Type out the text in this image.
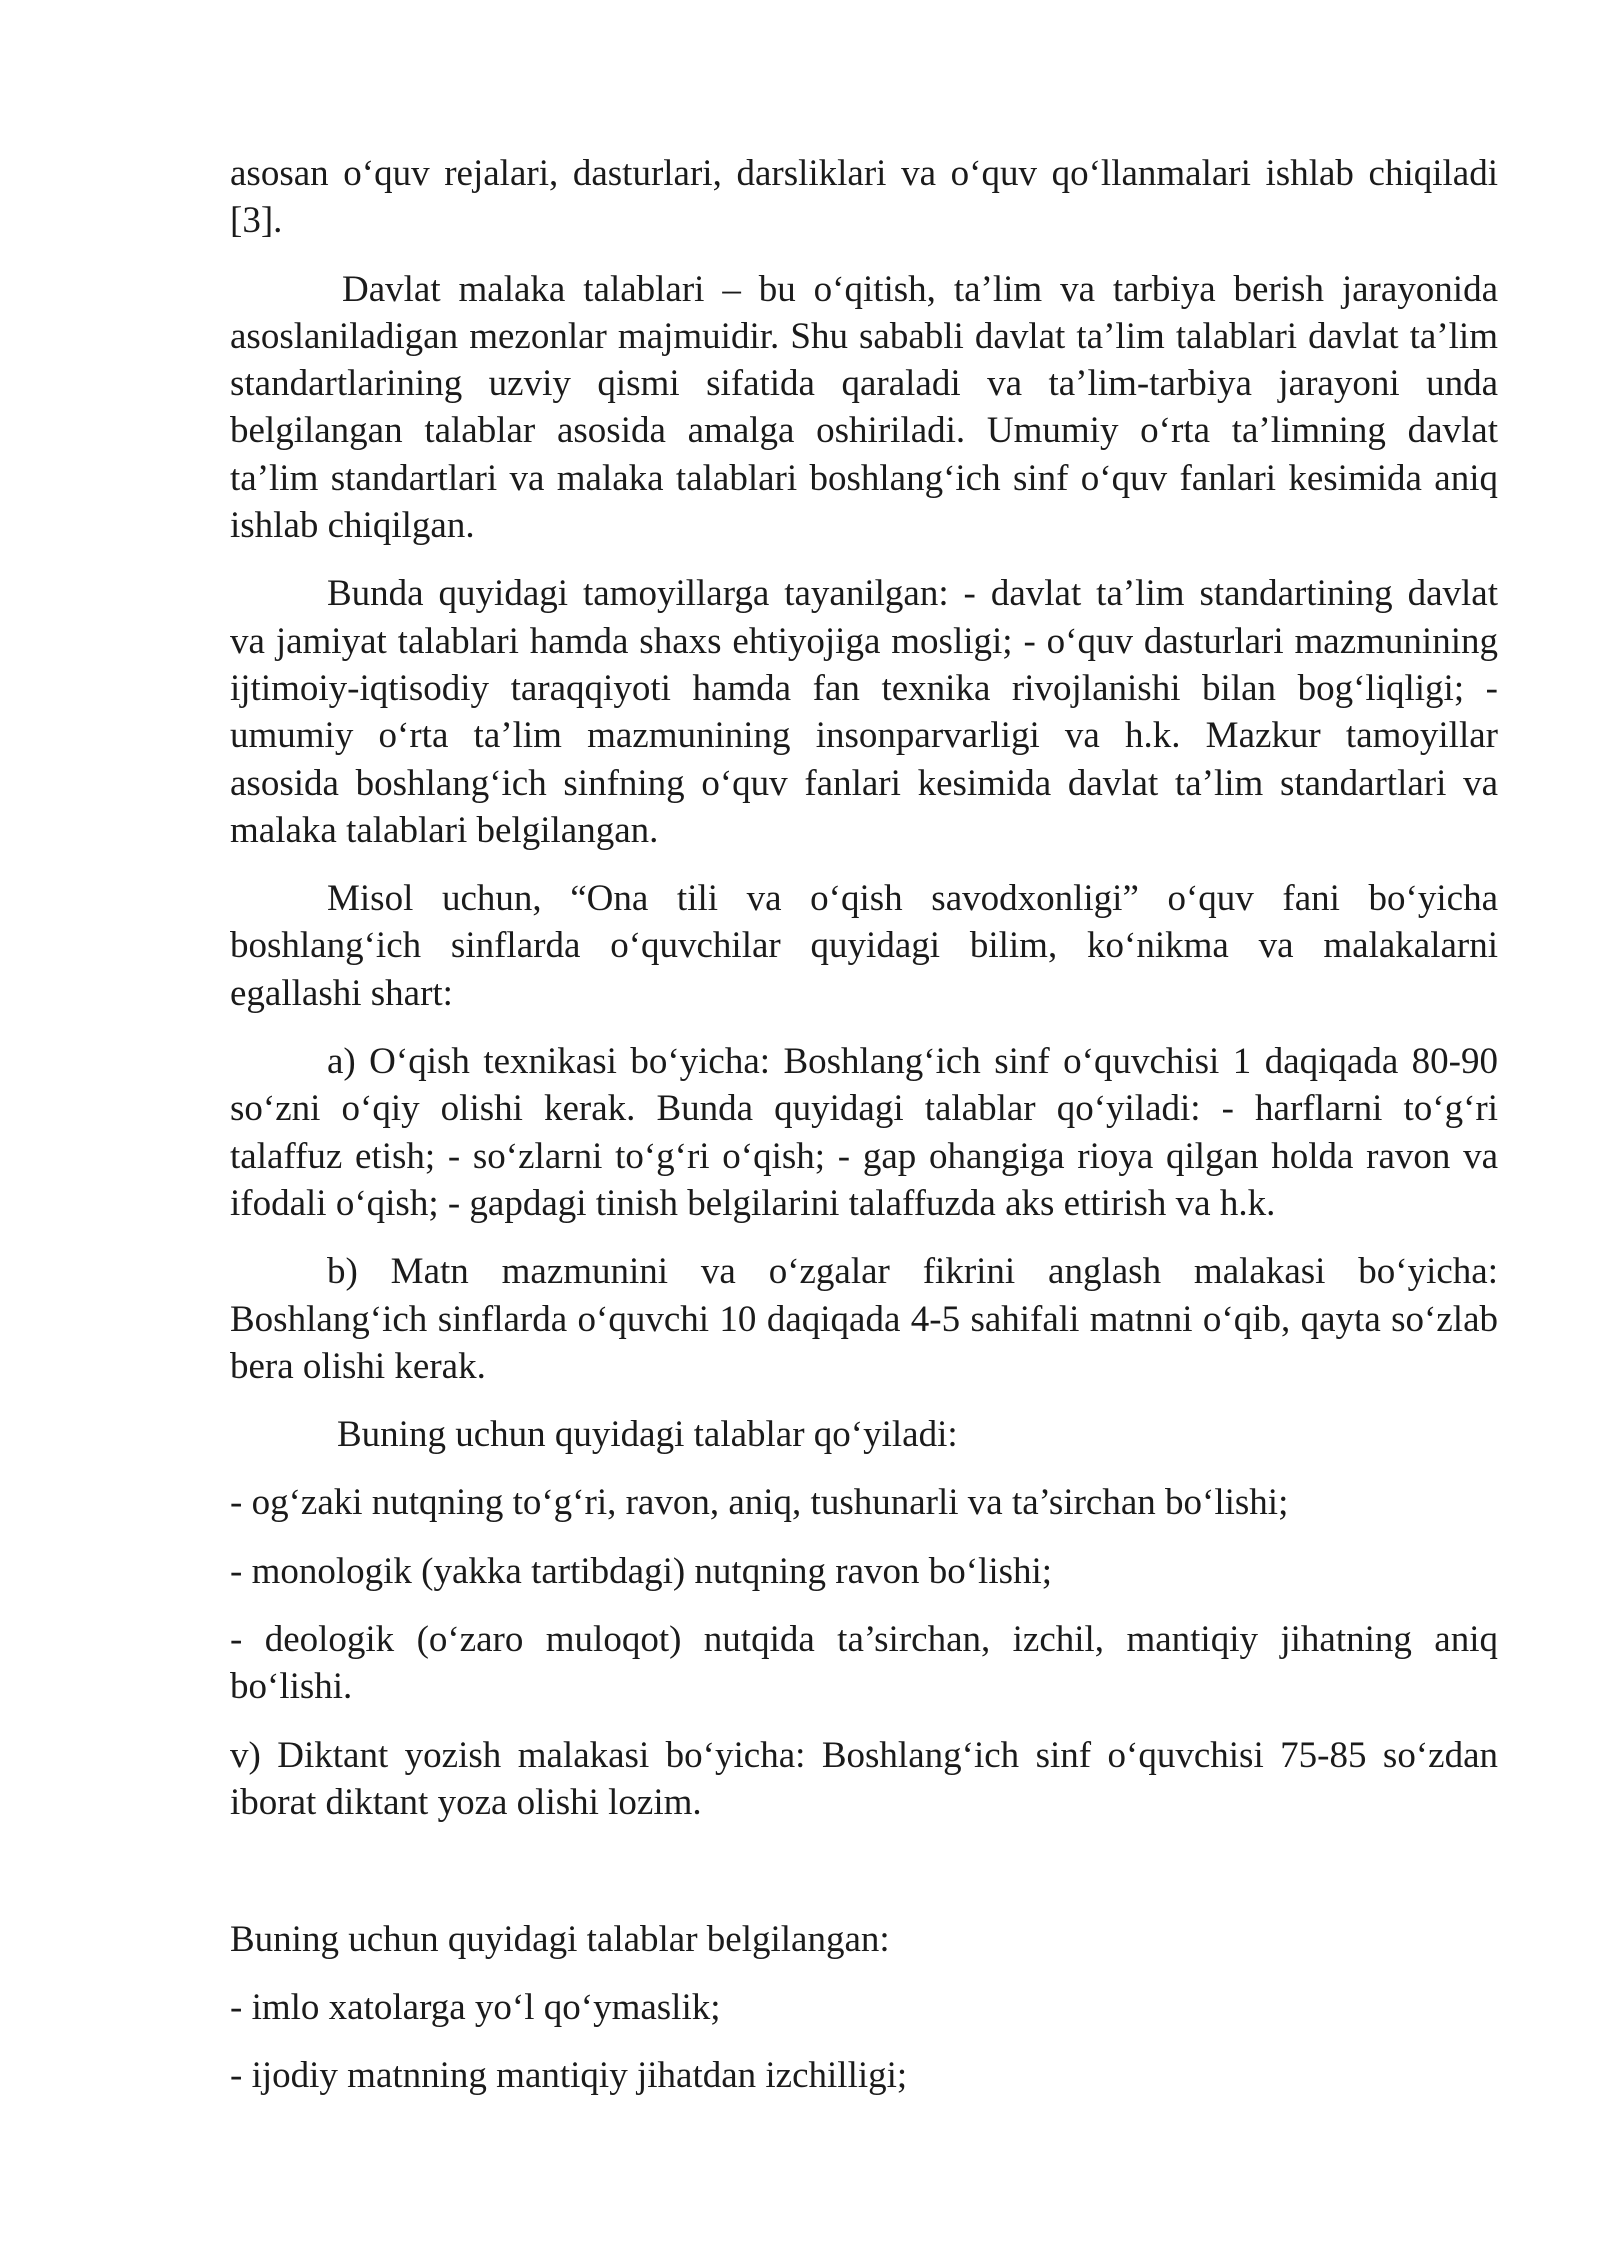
asosan o‘quv rejalari, dasturlari, darsliklari va o‘quv qo‘llanmalari ishlab chiqiladi
[3].
Davlat malaka talablari – bu o‘qitish, ta’lim va tarbiya berish jarayonida
asoslaniladigan mezonlar majmuidir. Shu sababli davlat ta’lim talablari davlat ta’lim
standartlarining uzviy qismi sifatida qaraladi va ta’lim-tarbiya jarayoni unda
belgilangan talablar asosida amalga oshiriladi. Umumiy o‘rta ta’limning davlat
ta’lim standartlari va malaka talablari boshlang‘ich sinf o‘quv fanlari kesimida aniq
ishlab chiqilgan.
Bunda quyidagi tamoyillarga tayanilgan: - davlat ta’lim standartining davlat
va jamiyat talablari hamda shaxs ehtiyojiga mosligi; - o‘quv dasturlari mazmunining
ijtimoiy-iqtisodiy taraqqiyoti hamda fan texnika rivojlanishi bilan bog‘liqligi; -
umumiy o‘rta ta’lim mazmunining insonparvarligi va h.k. Mazkur tamoyillar
asosida boshlang‘ich sinfning o‘quv fanlari kesimida davlat ta’lim standartlari va
malaka talablari belgilangan.
Misol uchun, “Ona tili va o‘qish savodxonligi” o‘quv fani bo‘yicha
boshlang‘ich sinflarda o‘quvchilar quyidagi bilim, ko‘nikma va malakalarni
egallashi shart:
a) O‘qish texnikasi bo‘yicha: Boshlang‘ich sinf o‘quvchisi 1 daqiqada 80-90
so‘zni o‘qiy olishi kerak. Bunda quyidagi talablar qo‘yiladi: - harflarni to‘g‘ri
talaffuz etish; - so‘zlarni to‘g‘ri o‘qish; - gap ohangiga rioya qilgan holda ravon va
ifodali o‘qish; - gapdagi tinish belgilarini talaffuzda aks ettirish va h.k.
b) Matn mazmunini va o‘zgalar fikrini anglash malakasi bo‘yicha:
Boshlang‘ich sinflarda o‘quvchi 10 daqiqada 4-5 sahifali matnni o‘qib, qayta so‘zlab
bera olishi kerak.
Buning uchun quyidagi talablar qo‘yiladi:
- og‘zaki nutqning to‘g‘ri, ravon, aniq, tushunarli va ta’sirchan bo‘lishi;
- monologik (yakka tartibdagi) nutqning ravon bo‘lishi;
- deologik (o‘zaro muloqot) nutqida ta’sirchan, izchil, mantiqiy jihatning aniq
bo‘lishi.
v) Diktant yozish malakasi bo‘yicha: Boshlang‘ich sinf o‘quvchisi 75-85 so‘zdan
iborat diktant yoza olishi lozim.
Buning uchun quyidagi talablar belgilangan:
- imlo xatolarga yo‘l qo‘ymaslik;
- ijodiy matnning mantiqiy jihatdan izchilligi;
